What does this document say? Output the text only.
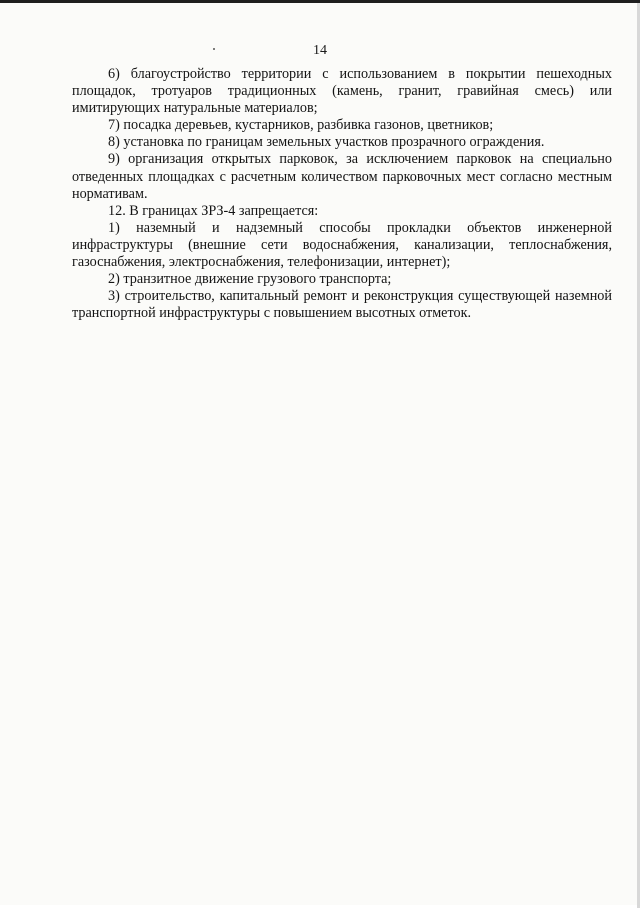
14

6) благоустройство территории с использованием в покрытии пешеходных площадок, тротуаров традиционных (камень, гранит, гравийная смесь) или имитирующих натуральные материалов;

7) посадка деревьев, кустарников, разбивка газонов, цветников;

8) установка по границам земельных участков прозрачного ограждения.

9) организация открытых парковок, за исключением парковок на специально отведенных площадках с расчетным количеством парковочных мест согласно местным нормативам.

12. В границах ЗРЗ-4 запрещается:

1) наземный и надземный способы прокладки объектов инженерной инфраструктуры (внешние сети водоснабжения, канализации, теплоснабжения, газоснабжения, электроснабжения, телефонизации, интернет);

2) транзитное движение грузового транспорта;

3) строительство, капитальный ремонт и реконструкция существующей наземной транспортной инфраструктуры с повышением высотных отметок.
